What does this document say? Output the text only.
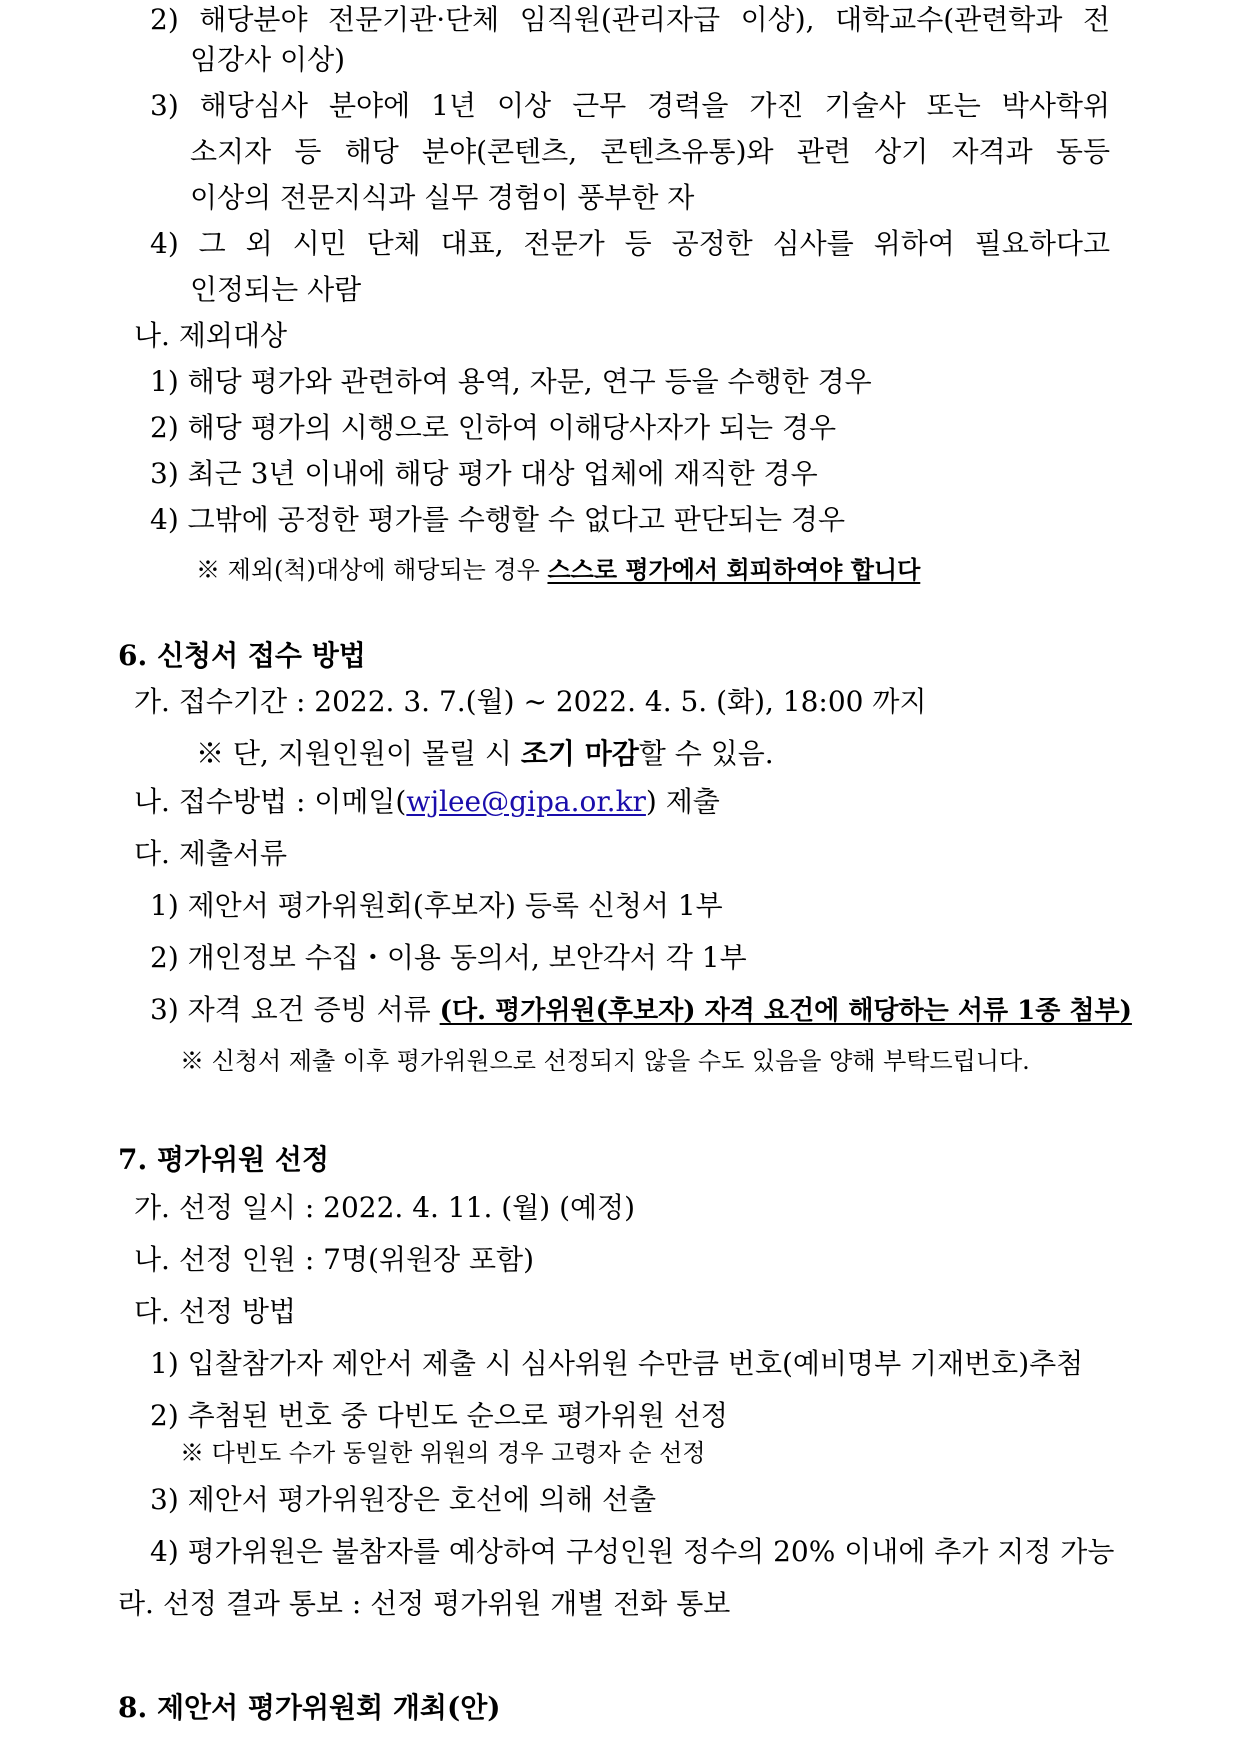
2) 해당분야 전문기관·단체 임직원(관리자급 이상), 대학교수(관련학과 전
임강사 이상)
3) 해당심사 분야에 1년 이상 근무 경력을 가진 기술사 또는 박사학위
소지자 등 해당 분야(콘텐츠, 콘텐츠유통)와 관련 상기 자격과 동등
이상의 전문지식과 실무 경험이 풍부한 자
4) 그 외 시민 단체 대표, 전문가 등 공정한 심사를 위하여 필요하다고
인정되는 사람
나. 제외대상
1) 해당 평가와 관련하여 용역, 자문, 연구 등을 수행한 경우
2) 해당 평가의 시행으로 인하여 이해당사자가 되는 경우
3) 최근 3년 이내에 해당 평가 대상 업체에 재직한 경우
4) 그밖에 공정한 평가를 수행할 수 없다고 판단되는 경우
※ 제외(척)대상에 해당되는 경우 스스로 평가에서 회피하여야 합니다
6. 신청서 접수 방법
가. 접수기간 : 2022. 3. 7.(월) ~ 2022. 4. 5. (화), 18:00 까지
※ 단, 지원인원이 몰릴 시 조기 마감할 수 있음.
나. 접수방법 : 이메일(wjlee@gipa.or.kr) 제출
다. 제출서류
1) 제안서 평가위원회(후보자) 등록 신청서 1부
2) 개인정보 수집・이용 동의서, 보안각서 각 1부
3) 자격 요건 증빙 서류 (다. 평가위원(후보자) 자격 요건에 해당하는 서류 1종 첨부)
※ 신청서 제출 이후 평가위원으로 선정되지 않을 수도 있음을 양해 부탁드립니다.
7. 평가위원 선정
가. 선정 일시 : 2022. 4. 11. (월) (예정)
나. 선정 인원 : 7명(위원장 포함)
다. 선정 방법
1) 입찰참가자 제안서 제출 시 심사위원 수만큼 번호(예비명부 기재번호)추첨
2) 추첨된 번호 중 다빈도 순으로 평가위원 선정
※ 다빈도 수가 동일한 위원의 경우 고령자 순 선정
3) 제안서 평가위원장은 호선에 의해 선출
4) 평가위원은 불참자를 예상하여 구성인원 정수의 20% 이내에 추가 지정 가능
라. 선정 결과 통보 : 선정 평가위원 개별 전화 통보
8. 제안서 평가위원회 개최(안)
